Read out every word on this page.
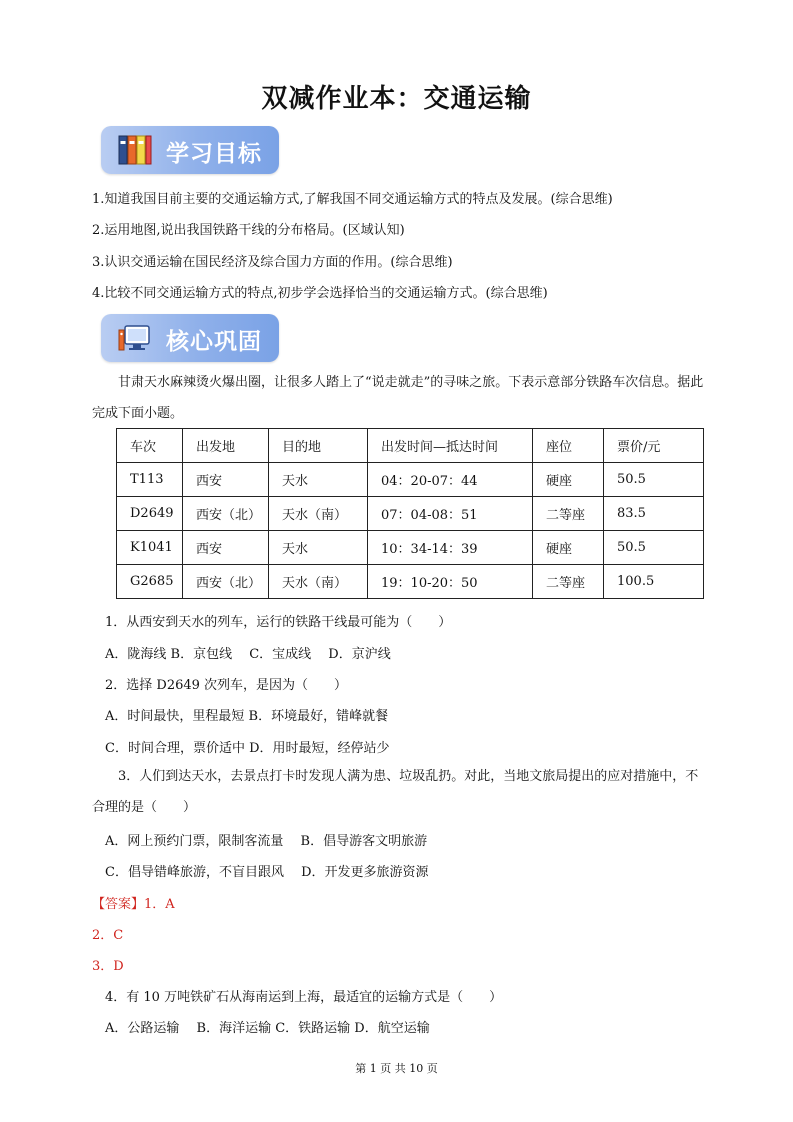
双减作业本：交通运输
学习目标
1.知道我国目前主要的交通运输方式,了解我国不同交通运输方式的特点及发展。(综合思维)
2.运用地图,说出我国铁路干线的分布格局。(区域认知)
3.认识交通运输在国民经济及综合国力方面的作用。(综合思维)
4.比较不同交通运输方式的特点,初步学会选择恰当的交通运输方式。(综合思维)
核心巩固
甘肃天水麻辣烫火爆出圈，让很多人踏上了“说走就走”的寻味之旅。下表示意部分铁路车次信息。据此完成下面小题。
车次	出发地	目的地	出发时间—抵达时间	座位	票价/元
T113	西安	天水	04：20-07：44	硬座	50.5
D2649	西安（北）	天水（南）	07：04-08：51	二等座	83.5
K1041	西安	天水	10：34-14：39	硬座	50.5
G2685	西安（北）	天水（南）	19：10-20：50	二等座	100.5
1．从西安到天水的列车，运行的铁路干线最可能为（　　）
A．陇海线 B．京包线　 C．宝成线　 D．京沪线
2．选择 D2649 次列车，是因为（　　）
A．时间最快，里程最短 B．环境最好，错峰就餐
C．时间合理，票价适中 D．用时最短，经停站少
3．人们到达天水，去景点打卡时发现人满为患、垃圾乱扔。对此，当地文旅局提出的应对措施中，不合理的是（　　）
A．网上预约门票，限制客流量　 B．倡导游客文明旅游
C．倡导错峰旅游，不盲目跟风　 D．开发更多旅游资源
【答案】1．A
2．C
3．D
4．有 10 万吨铁矿石从海南运到上海，最适宜的运输方式是（　　）
A．公路运输　 B．海洋运输 C．铁路运输 D．航空运输
第 1 页 共 10 页
